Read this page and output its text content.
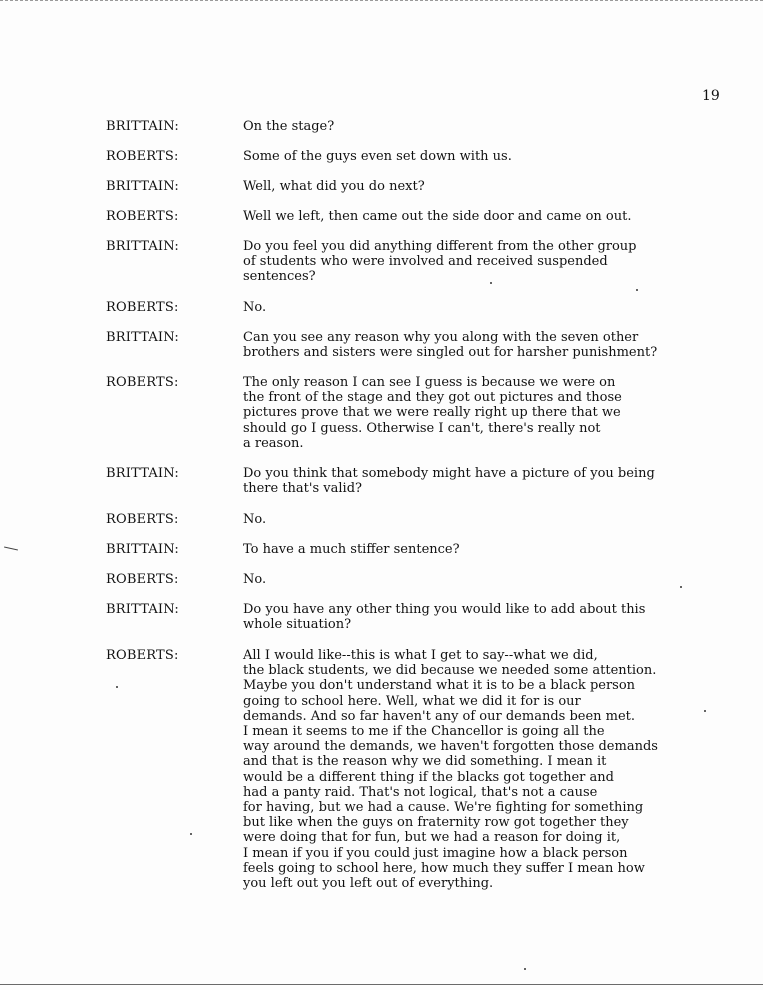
19
BRITTAIN:	On the stage?
ROBERTS:	Some of the guys even set down with us.
BRITTAIN:	Well, what did you do next?
ROBERTS:	Well we left, then came out the side door and came on out.
BRITTAIN:	Do you feel you did anything different from the other group
of students who were involved and received suspended
sentences?
ROBERTS:	No.
BRITTAIN:	Can you see any reason why you along with the seven other
brothers and sisters were singled out for harsher punishment?
ROBERTS:	The only reason I can see I guess is because we were on
the front of the stage and they got out pictures and those
pictures prove that we were really right up there that we
should go I guess. Otherwise I can't, there's really not
a reason.
BRITTAIN:	Do you think that somebody might have a picture of you being
there that's valid?
ROBERTS:	No.
BRITTAIN:	To have a much stiffer sentence?
ROBERTS:	No.
BRITTAIN:	Do you have any other thing you would like to add about this
whole situation?
ROBERTS:	All I would like--this is what I get to say--what we did,
the black students, we did because we needed some attention.
Maybe you don't understand what it is to be a black person
going to school here. Well, what we did it for is our
demands. And so far haven't any of our demands been met.
I mean it seems to me if the Chancellor is going all the
way around the demands, we haven't forgotten those demands
and that is the reason why we did something. I mean it
would be a different thing if the blacks got together and
had a panty raid. That's not logical, that's not a cause
for having, but we had a cause. We're fighting for something
but like when the guys on fraternity row got together they
were doing that for fun, but we had a reason for doing it,
I mean if you if you could just imagine how a black person
feels going to school here, how much they suffer I mean how
you left out you left out of everything.
